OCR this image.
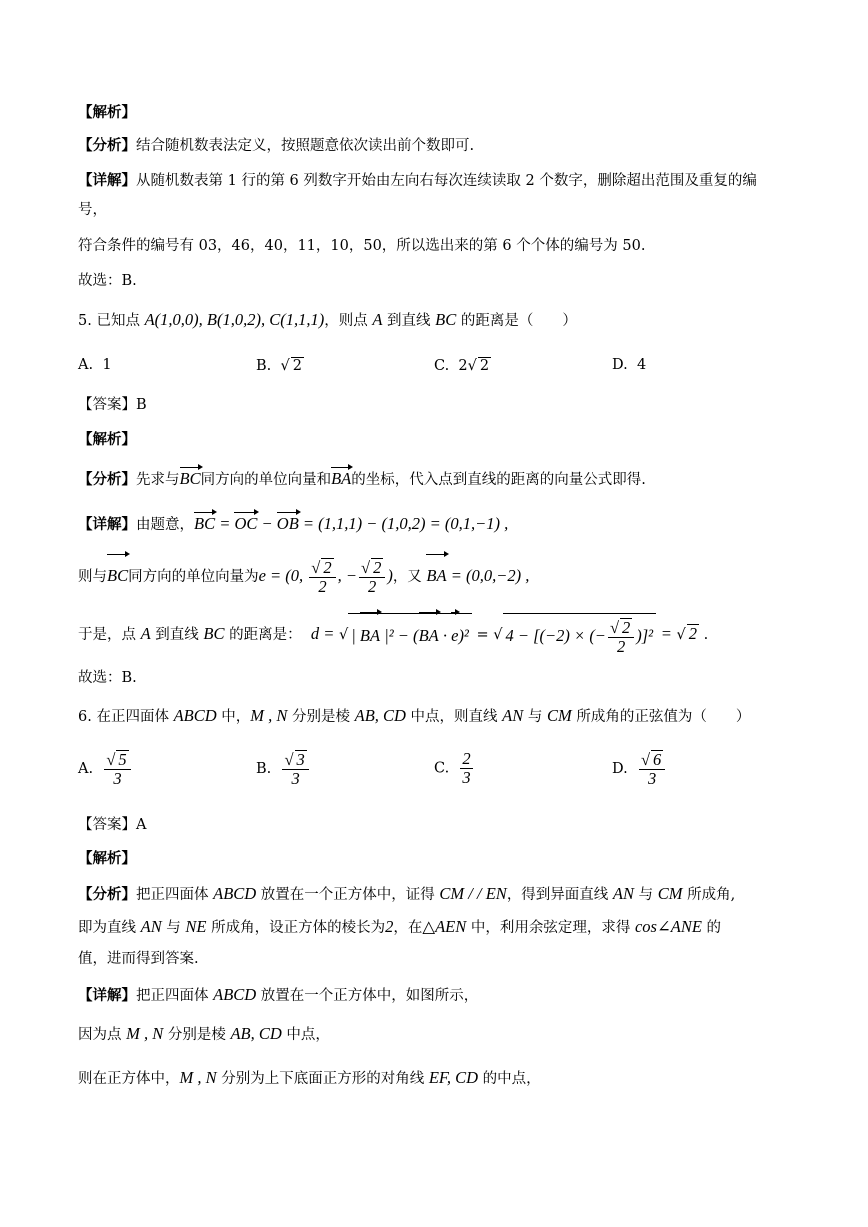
【解析】
【分析】结合随机数表法定义，按照题意依次读出前个数即可.
【详解】从随机数表第 1 行的第 6 列数字开始由左向右每次连续读取 2 个数字，删除超出范围及重复的编
号，
符合条件的编号有 03，46，40，11，10，50，所以选出来的第 6 个个体的编号为 50.
故选：B.
5. 已知点 A(1,0,0), B(1,0,2), C(1,1,1)，则点 A 到直线 BC 的距离是（　　）
A. 1	B.  √ 2	C. 2√ 2	D. 4
【答案】B
【解析】
【分析】先求与BC同方向的单位向量和BA的坐标，代入点到直线的距离的向量公式即得.
【详解】由题意，BC = OC − OB = (1,1,1) − (1,0,2) = (0,1,−1) ,
则与BC同方向的单位向量为e = (0, $\frac{√ 2}{2}$ , − $\frac{√ 2}{2}$ )，又 BA = (0,0,−2) ,
于是，点 A 到直线 BC 的距离是： d = √ | BA |² − (BA · e)² = √ 4 − [(−2) × (− $\frac{√ 2}{2} )]^2$ = √ 2 .
故选：B.
6. 在正四面体 ABCD 中，M , N 分别是棱 AB, CD 中点，则直线 AN 与 CM 所成角的正弦值为（　　）
A. $\frac{√ 5}{3}$	B. $\frac{√ 3}{3}$	C. $\frac{2}{3}$	D. $\frac{√ 6}{3}$
【答案】A
【解析】
【分析】把正四面体 ABCD 放置在一个正方体中，证得 CM / / EN，得到异面直线 AN 与 CM 所成角,
即为直线 AN 与 NE 所成角，设正方体的棱长为2，在△AEN 中，利用余弦定理，求得 cos∠ANE 的
值，进而得到答案.
【详解】把正四面体 ABCD 放置在一个正方体中，如图所示，
因为点 M , N 分别是棱 AB, CD 中点，
则在正方体中，M , N 分别为上下底面正方形的对角线 EF, CD 的中点，
